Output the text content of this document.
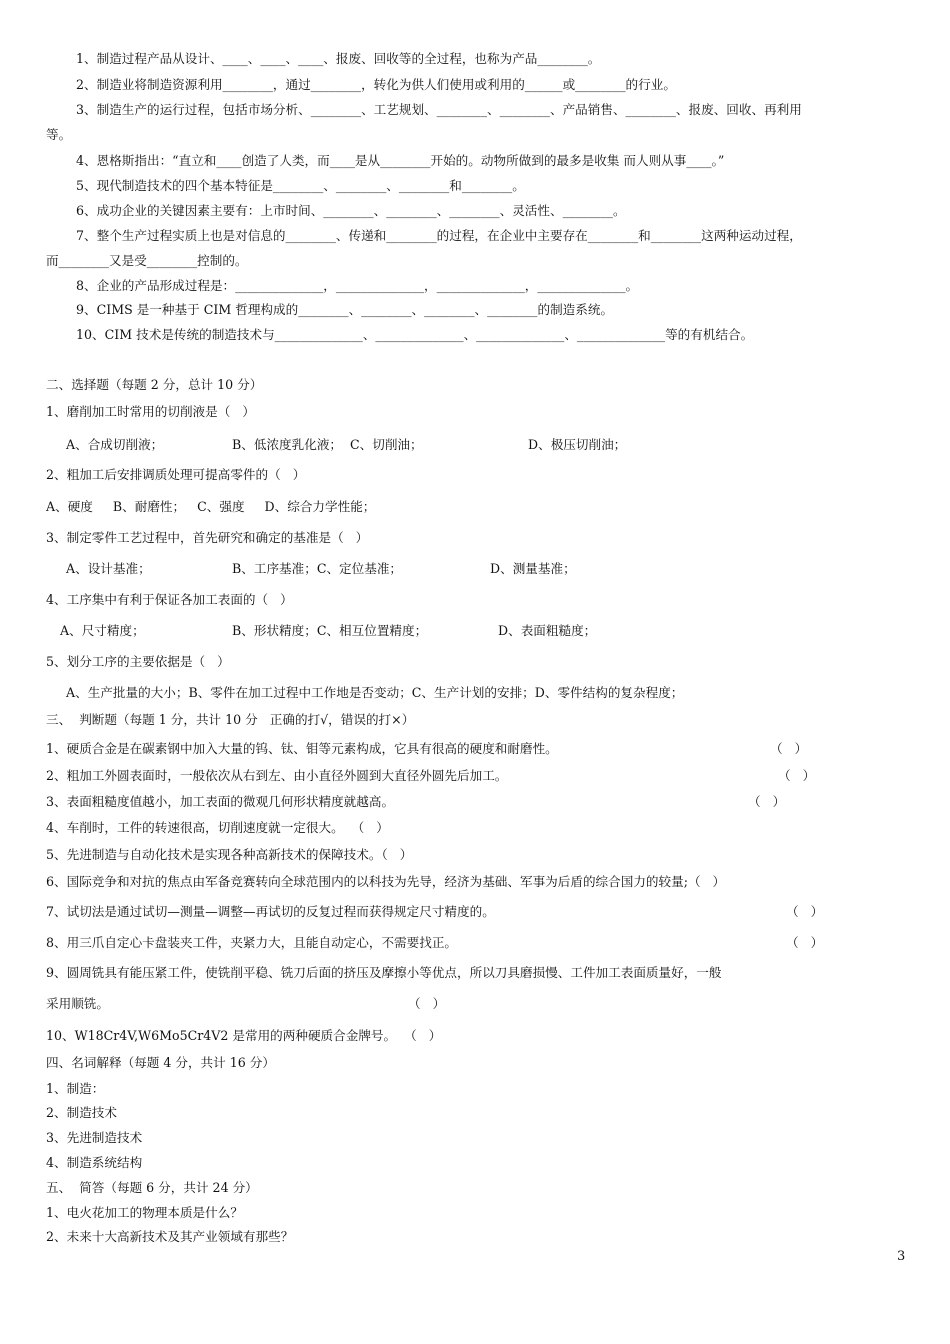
1、制造过程产品从设计、____、____、____、报废、回收等的全过程，也称为产品________。
2、制造业将制造资源利用________，通过________，转化为供人们使用或利用的______或________的行业。
3、制造生产的运行过程，包括市场分析、________、工艺规划、________、________、产品销售、________、报废、回收、再利用
等。
4、恩格斯指出：“直立和____创造了人类，而____是从________开始的。动物所做到的最多是收集 而人则从事____。”
5、现代制造技术的四个基本特征是________、________、________和________。
6、成功企业的关键因素主要有：上市时间、________、________、________、灵活性、________。
7、整个生产过程实质上也是对信息的________、传递和________的过程，在企业中主要存在________和________这两种运动过程，
而________又是受________控制的。
8、企业的产品形成过程是：______________，______________，______________，______________。
9、CIMS 是一种基于 CIM 哲理构成的________、________、________、________的制造系统。
10、CIM 技术是传统的制造技术与______________、______________、______________、______________等的有机结合。
二、选择题（每题 2 分，总计 10 分）
1、磨削加工时常用的切削液是（   ）
A、合成切削液；	B、低浓度乳化液；  C、切削油；	D、极压切削油；
2、粗加工后安排调质处理可提高零件的（   ）
A、硬度     B、耐磨性；   C、强度     D、综合力学性能；
3、制定零件工艺过程中，首先研究和确定的基准是（   ）
A、设计基准；	B、工序基准；C、定位基准；	D、测量基准；
4、工序集中有利于保证各加工表面的（   ）
A、尺寸精度；	B、形状精度；C、相互位置精度；	D、表面粗糙度；
5、划分工序的主要依据是（   ）
A、生产批量的大小；B、零件在加工过程中工作地是否变动；C、生产计划的安排；D、零件结构的复杂程度；
三、  判断题（每题 1 分，共计 10 分   正确的打√，错误的打×）
1、硬质合金是在碳素钢中加入大量的钨、钛、钼等元素构成，它具有很高的硬度和耐磨性。	（   ）
2、粗加工外圆表面时，一般依次从右到左、由小直径外圆到大直径外圆先后加工。	（   ）
3、表面粗糙度值越小，加工表面的微观几何形状精度就越高。	（   ）
4、车削时，工件的转速很高，切削速度就一定很大。  （   ）
5、先进制造与自动化技术是实现各种高新技术的保障技术。（   ）
6、国际竞争和对抗的焦点由军备竞赛转向全球范围内的以科技为先导，经济为基础、军事为后盾的综合国力的较量;（   ）
7、试切法是通过试切—测量—调整—再试切的反复过程而获得规定尺寸精度的。	（   ）
8、用三爪自定心卡盘装夹工件，夹紧力大，且能自动定心，不需要找正。	（   ）
9、圆周铣具有能压紧工件，使铣削平稳、铣刀后面的挤压及摩擦小等优点，所以刀具磨损慢、工件加工表面质量好，一般
采用顺铣。	（   ）
10、W18Cr4V,W6Mo5Cr4V2 是常用的两种硬质合金牌号。  （   ）
四、名词解释（每题 4 分，共计 16 分）
1、制造：
2、制造技术
3、先进制造技术
4、制造系统结构
五、  简答（每题 6 分，共计 24 分）
1、电火花加工的物理本质是什么？
2、未来十大高新技术及其产业领域有那些？
3
